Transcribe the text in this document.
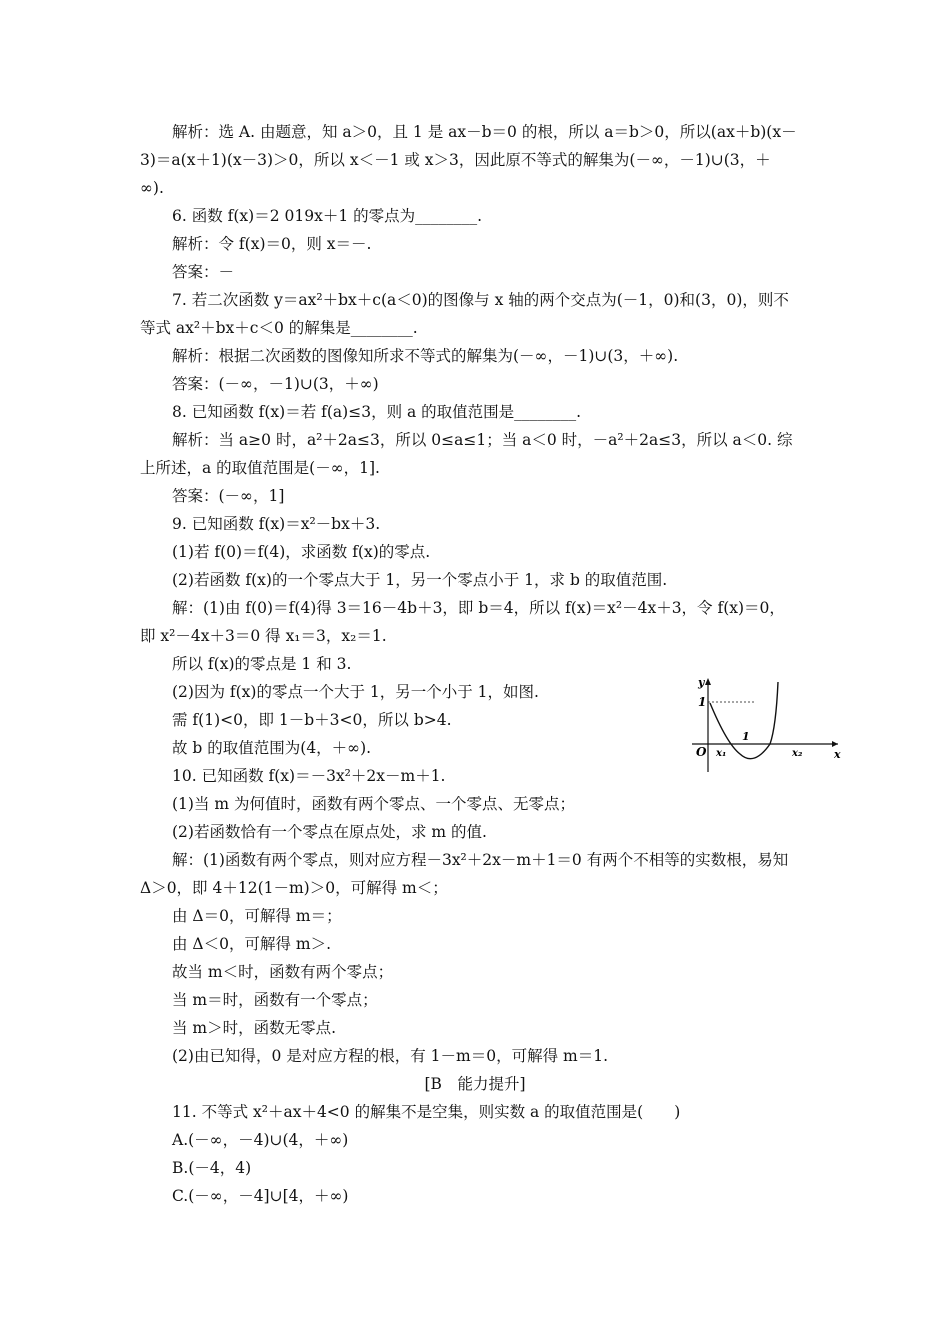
解析：选 A. 由题意，知 a＞0，且 1 是 ax－b＝0 的根，所以 a＝b＞0，所以(ax＋b)(x－
3)＝a(x＋1)(x－3)＞0，所以 x＜－1 或 x＞3，因此原不等式的解集为(－∞，－1)∪(3，＋
∞).
6. 函数 f(x)＝2 019x＋1 的零点为________.
解析：令 f(x)＝0，则 x＝－.
答案：－
7. 若二次函数 y＝ax²＋bx＋c(a＜0)的图像与 x 轴的两个交点为(－1，0)和(3，0)，则不
等式 ax²＋bx＋c＜0 的解集是________.
解析：根据二次函数的图像知所求不等式的解集为(－∞，－1)∪(3，＋∞).
答案：(－∞，－1)∪(3，＋∞)
8. 已知函数 f(x)＝若 f(a)≤3，则 a 的取值范围是________.
解析：当 a≥0 时，a²＋2a≤3，所以 0≤a≤1；当 a＜0 时，－a²＋2a≤3，所以 a＜0. 综
上所述，a 的取值范围是(－∞，1].
答案：(－∞，1]
9. 已知函数 f(x)＝x²－bx＋3.
(1)若 f(0)＝f(4)，求函数 f(x)的零点.
(2)若函数 f(x)的一个零点大于 1，另一个零点小于 1，求 b 的取值范围.
解：(1)由 f(0)＝f(4)得 3＝16－4b＋3，即 b＝4，所以 f(x)＝x²－4x＋3，令 f(x)＝0，
即 x²－4x＋3＝0 得 x₁＝3，x₂＝1.
所以 f(x)的零点是 1 和 3.
(2)因为 f(x)的零点一个大于 1，另一个小于 1，如图.
需 f(1)<0，即 1－b＋3<0，所以 b>4.
故 b 的取值范围为(4，＋∞).
y
x
O
1
1
x₁	x₂
10. 已知函数 f(x)＝－3x²＋2x－m＋1.
(1)当 m 为何值时，函数有两个零点、一个零点、无零点；
(2)若函数恰有一个零点在原点处，求 m 的值.
解：(1)函数有两个零点，则对应方程－3x²＋2x－m＋1＝0 有两个不相等的实数根，易知
Δ＞0，即 4＋12(1－m)＞0，可解得 m＜；
由 Δ＝0，可解得 m＝；
由 Δ＜0，可解得 m＞.
故当 m＜时，函数有两个零点；
当 m＝时，函数有一个零点；
当 m＞时，函数无零点.
(2)由已知得，0 是对应方程的根，有 1－m＝0，可解得 m＝1.
[B　能力提升]
11. 不等式 x²＋ax＋4<0 的解集不是空集，则实数 a 的取值范围是(　　)
A.(－∞，－4)∪(4，＋∞)
B.(－4，4)
C.(－∞，－4]∪[4，＋∞)
